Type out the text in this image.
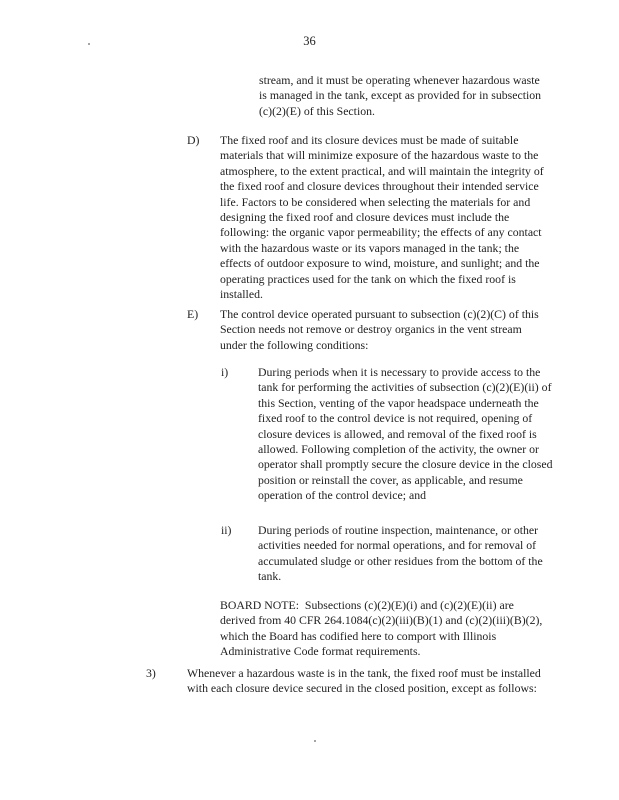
36
stream, and it must be operating whenever hazardous waste is managed in the tank, except as provided for in subsection (c)(2)(E) of this Section.
D) The fixed roof and its closure devices must be made of suitable materials that will minimize exposure of the hazardous waste to the atmosphere, to the extent practical, and will maintain the integrity of the fixed roof and closure devices throughout their intended service life. Factors to be considered when selecting the materials for and designing the fixed roof and closure devices must include the following: the organic vapor permeability; the effects of any contact with the hazardous waste or its vapors managed in the tank; the effects of outdoor exposure to wind, moisture, and sunlight; and the operating practices used for the tank on which the fixed roof is installed.
E) The control device operated pursuant to subsection (c)(2)(C) of this Section needs not remove or destroy organics in the vent stream under the following conditions:
i)	During periods when it is necessary to provide access to the tank for performing the activities of subsection (c)(2)(E)(ii) of this Section, venting of the vapor headspace underneath the fixed roof to the control device is not required, opening of closure devices is allowed, and removal of the fixed roof is allowed. Following completion of the activity, the owner or operator shall promptly secure the closure device in the closed position or reinstall the cover, as applicable, and resume operation of the control device; and
ii) During periods of routine inspection, maintenance, or other activities needed for normal operations, and for removal of accumulated sludge or other residues from the bottom of the tank.
BOARD NOTE: Subsections (c)(2)(E)(i) and (c)(2)(E)(ii) are derived from 40 CFR 264.1084(c)(2)(iii)(B)(1) and (c)(2)(iii)(B)(2), which the Board has codified here to comport with Illinois Administrative Code format requirements.
3)	Whenever a hazardous waste is in the tank, the fixed roof must be installed with each closure device secured in the closed position, except as follows:
